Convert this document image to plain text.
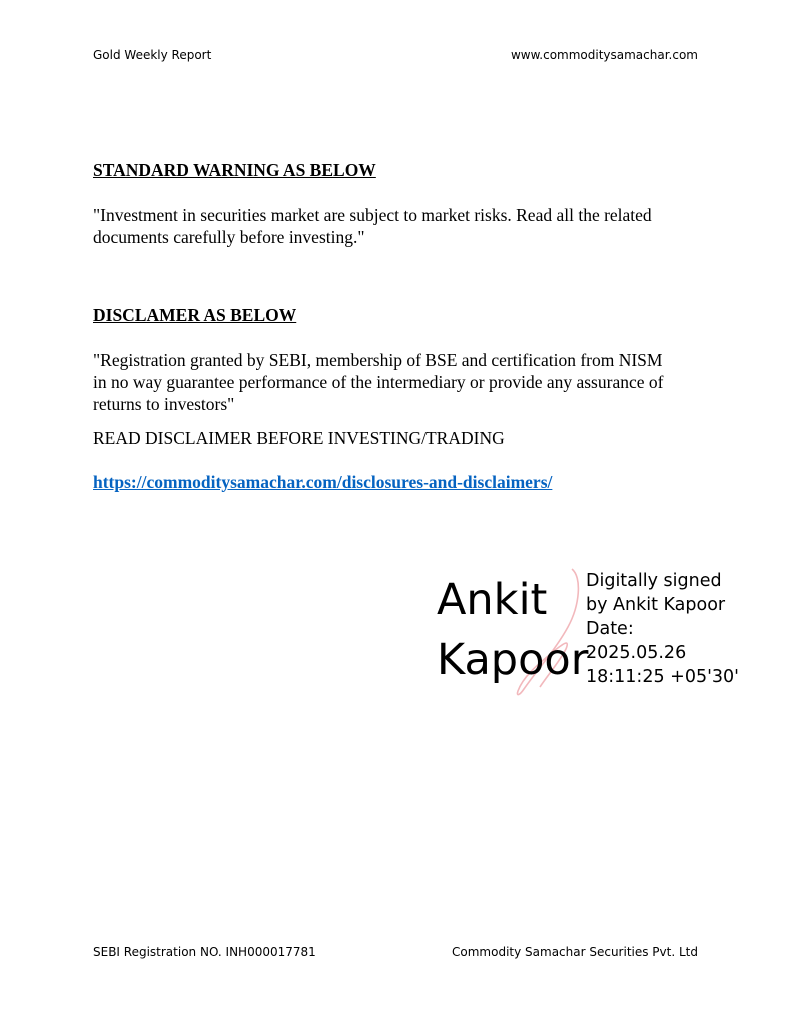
Gold Weekly Report	www.commoditysamachar.com
STANDARD WARNING AS BELOW
"Investment in securities market are subject to market risks. Read all the related
documents carefully before investing."
DISCLAMER AS BELOW
"Registration granted by SEBI, membership of BSE and certification from NISM
in no way guarantee performance of the intermediary or provide any assurance of
returns to investors"
READ DISCLAIMER BEFORE INVESTING/TRADING
https://commoditysamachar.com/disclosures-and-disclaimers/
Ankit
Kapoor
Digitally signed
by Ankit Kapoor
Date:
2025.05.26
18:11:25 +05'30'
SEBI Registration NO. INH000017781	Commodity Samachar Securities Pvt. Ltd
